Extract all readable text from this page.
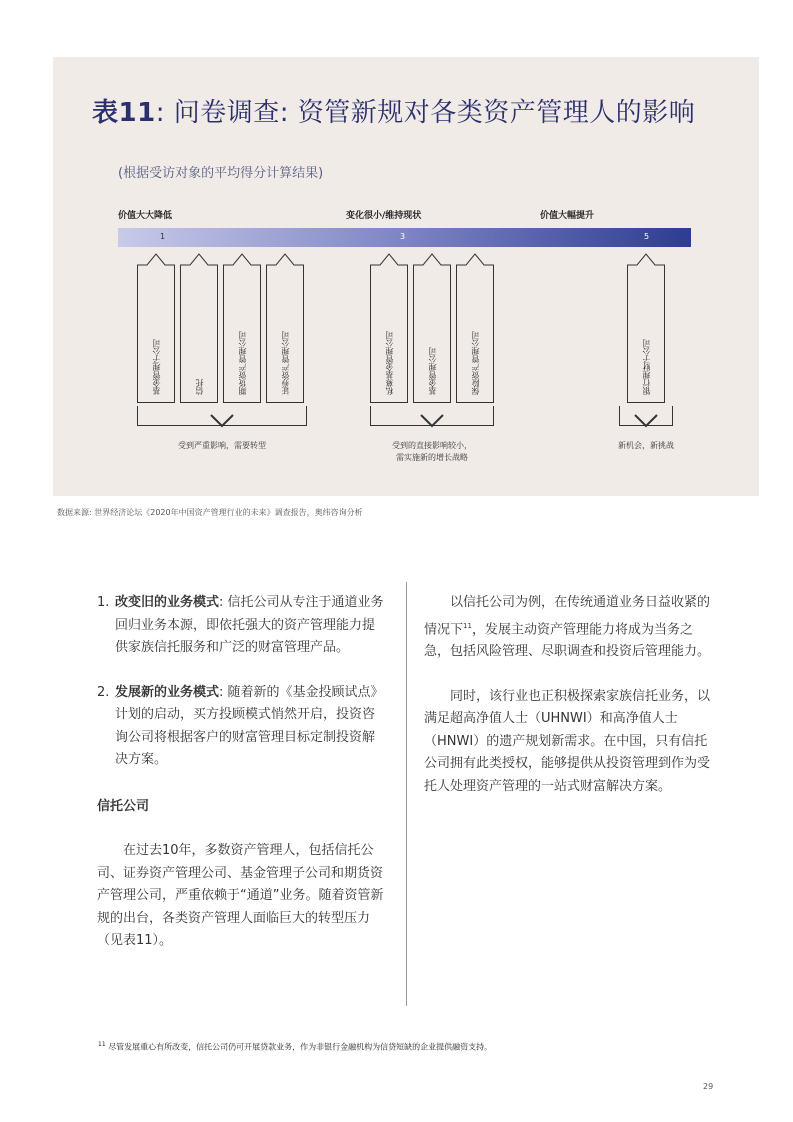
表11: 问卷调查: 资管新规对各类资产管理人的影响
(根据受访对象的平均得分计算结果)
价值大大降低	变化很小/维持现状	价值大幅提升
1	3	5
基金管理子公司	信托	期货资产管理公司	证券资产管理公司	私募基金管理公司	基金管理公司	保险资产管理公司	银行理财子公司
受到严重影响，需要转型	受到的直接影响较小，
需实施新的增长战略
新机会，新挑战
数据来源: 世界经济论坛《2020年中国资产管理行业的未来》调查报告，奥纬咨询分析

1. 改变旧的业务模式: 信托公司从专注于通道业务回归业务本源，即依托强大的资产管理能力提供家族信托服务和广泛的财富管理产品。

2. 发展新的业务模式: 随着新的《基金投顾试点》计划的启动，买方投顾模式悄然开启，投资咨询公司将根据客户的财富管理目标定制投资解决方案。

信托公司

在过去10年，多数资产管理人，包括信托公司、证券资产管理公司、基金管理子公司和期货资产管理公司，严重依赖于“通道”业务。随着资管新规的出台，各类资产管理人面临巨大的转型压力（见表11）。

以信托公司为例，在传统通道业务日益收紧的情况下$^{11}$，发展主动资产管理能力将成为当务之急，包括风险管理、尽职调查和投资后管理能力。

同时，该行业也正积极探索家族信托业务，以满足超高净值人士（UHNWI）和高净值人士（HNWI）的遗产规划新需求。在中国，只有信托公司拥有此类授权，能够提供从投资管理到作为受托人处理资产管理的一站式财富解决方案。

$^{11}$ 尽管发展重心有所改变，信托公司仍可开展贷款业务，作为非银行金融机构为信贷短缺的企业提供融资支持。
29
